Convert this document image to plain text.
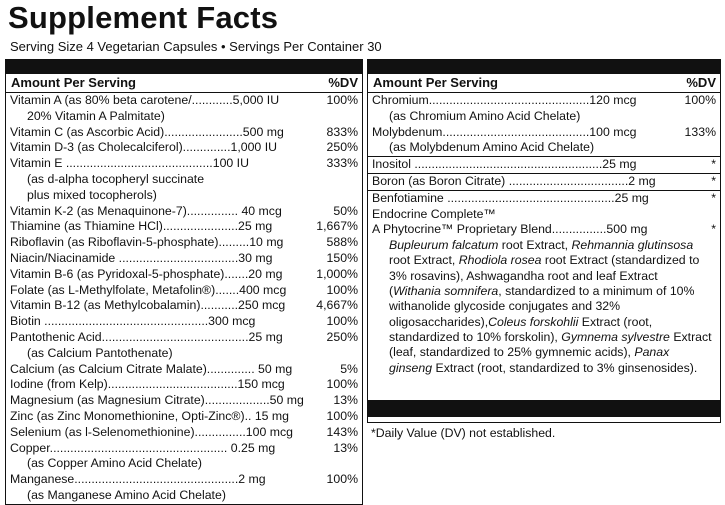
Supplement Facts
Serving Size 4 Vegetarian Capsules • Servings Per Container 30
Amount Per Serving	%DV
Vitamin A (as 80% beta carotene/............5,000 IU	100%
20% Vitamin A Palmitate)
Vitamin C (as Ascorbic Acid).......................500 mg	833%
Vitamin D-3 (as Cholecalciferol)..............1,000 IU	250%
Vitamin E ...........................................100 IU	333%
(as d-alpha tocopheryl succinate
plus mixed tocopherols)
Vitamin K-2 (as Menaquinone-7)............... 40 mcg	50%
Thiamine (as Thiamine HCl)......................25 mg	1,667%
Riboflavin (as Riboflavin-5-phosphate).........10 mg	588%
Niacin/Niacinamide ...................................30 mg	150%
Vitamin B-6 (as Pyridoxal-5-phosphate).......20 mg	1,000%
Folate (as L-Methylfolate, Metafolin®).......400 mcg	100%
Vitamin B-12 (as Methylcobalamin)...........250 mcg	4,667%
Biotin ................................................300 mcg	100%
Pantothenic Acid...........................................25 mg	250%
(as Calcium Pantothenate)
Calcium (as Calcium Citrate Malate).............. 50 mg	5%
Iodine (from Kelp)......................................150 mcg	100%
Magnesium (as Magnesium Citrate)...................50 mg 13%
Zinc (as Zinc Monomethionine, Opti-Zinc®).. 15 mg	100%
Selenium (as l-Selenomethionine)...............100 mcg	143%
Copper.................................................... 0.25 mg	13%
(as Copper Amino Acid Chelate)
Manganese................................................2 mg	100%
(as Manganese Amino Acid Chelate)
Amount Per Serving	%DV
Chromium...............................................120 mcg	100%
(as Chromium Amino Acid Chelate)
Molybdenum...........................................100 mcg	133%
(as Molybdenum Amino Acid Chelate)
Inositol .......................................................25 mg	*
Boron (as Boron Citrate) ...................................2 mg	*
Benfotiamine .................................................25 mg	*
Endocrine Complete™
A Phytocrine™ Proprietary Blend................500 mg	*
Bupleurum falcatum root Extract, Rehmannia glutinsosa root Extract, Rhodiola rosea root Extract (standardized to 3% rosavins), Ashwagandha root and leaf Extract (Withania somnifera, standardized to a minimum of 10% withanolide glycoside conjugates and 32% oligosaccharides),Coleus forskohlii Extract (root, standardized to 10% forskolin), Gymnema sylvestre Extract (leaf, standardized to 25% gymnemic acids), Panax ginseng Extract (root, standardized to 3% ginsenosides).
*Daily Value (DV) not established.
